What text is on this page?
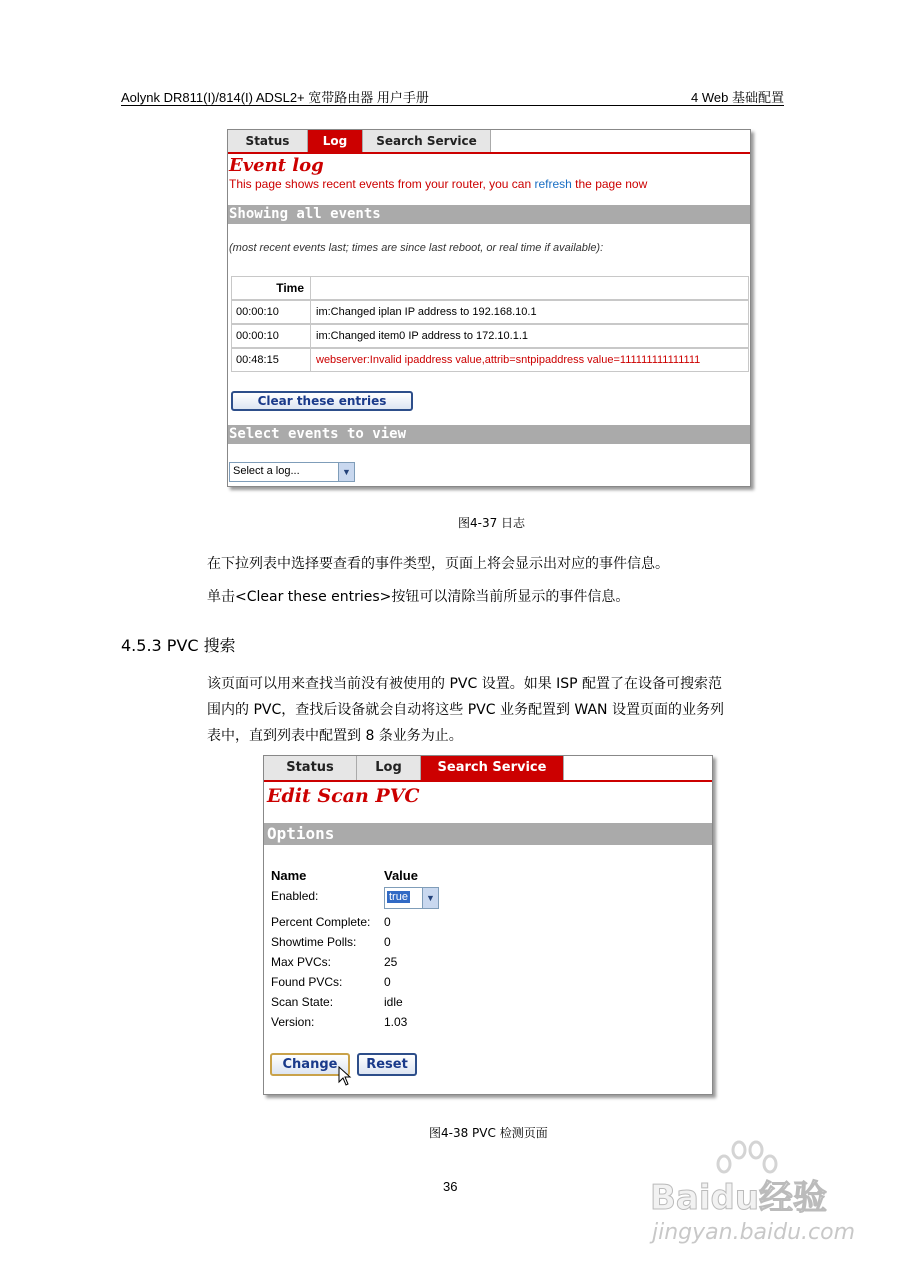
Aolynk DR811(I)/814(I) ADSL2+ 宽带路由器 用户手册	4 Web 基础配置
Status	Log	Search Service
Event log
This page shows recent events from your router, you can refresh the page now
Showing all events
(most recent events last; times are since last reboot, or real time if available):
Time
00:00:10	im:Changed iplan IP address to 192.168.10.1
00:00:10	im:Changed item0 IP address to 172.10.1.1
00:48:15	webserver:Invalid ipaddress value,attrib=sntpipaddress value=111111111111111
Clear these entries
Select events to view
Select a log...	▼
图4-37 日志
在下拉列表中选择要查看的事件类型，页面上将会显示出对应的事件信息。
单击<Clear these entries>按钮可以清除当前所显示的事件信息。
4.5.3 PVC 搜索
该页面可以用来查找当前没有被使用的 PVC 设置。如果 ISP 配置了在设备可搜索范
围内的 PVC，查找后设备就会自动将这些 PVC 业务配置到 WAN 设置页面的业务列
表中，直到列表中配置到 8 条业务为止。
Status	Log	Search Service
Edit Scan PVC
Options
Name	Value
Enabled:	true	▼
Percent Complete: 0
Showtime Polls: 0
Max PVCs:	25
Found PVCs:	0
Scan State:	idle
Version:	1.03
Change	Reset
图4-38 PVC 检测页面
36	Baidu经验
jingyan.baidu.com
